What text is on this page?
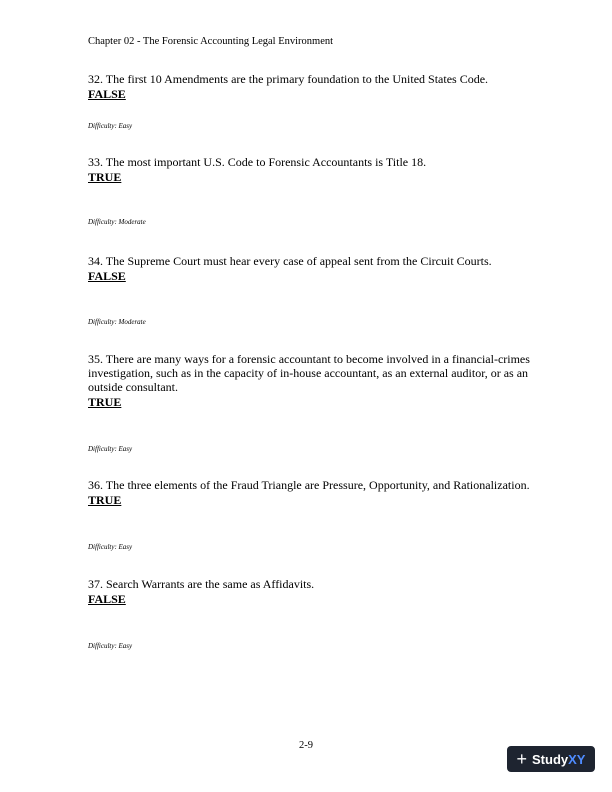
Chapter 02 - The Forensic Accounting Legal Environment
32. The first 10 Amendments are the primary foundation to the United States Code.
FALSE
Difficulty: Easy
33. The most important U.S. Code to Forensic Accountants is Title 18.
TRUE
Difficulty: Moderate
34. The Supreme Court must hear every case of appeal sent from the Circuit Courts.
FALSE
Difficulty: Moderate
35. There are many ways for a forensic accountant to become involved in a financial-crimes investigation, such as in the capacity of in-house accountant, as an external auditor, or as an outside consultant.
TRUE
Difficulty: Easy
36. The three elements of the Fraud Triangle are Pressure, Opportunity, and Rationalization.
TRUE
Difficulty: Easy
37. Search Warrants are the same as Affidavits.
FALSE
Difficulty: Easy
2-9
+ Study XY
